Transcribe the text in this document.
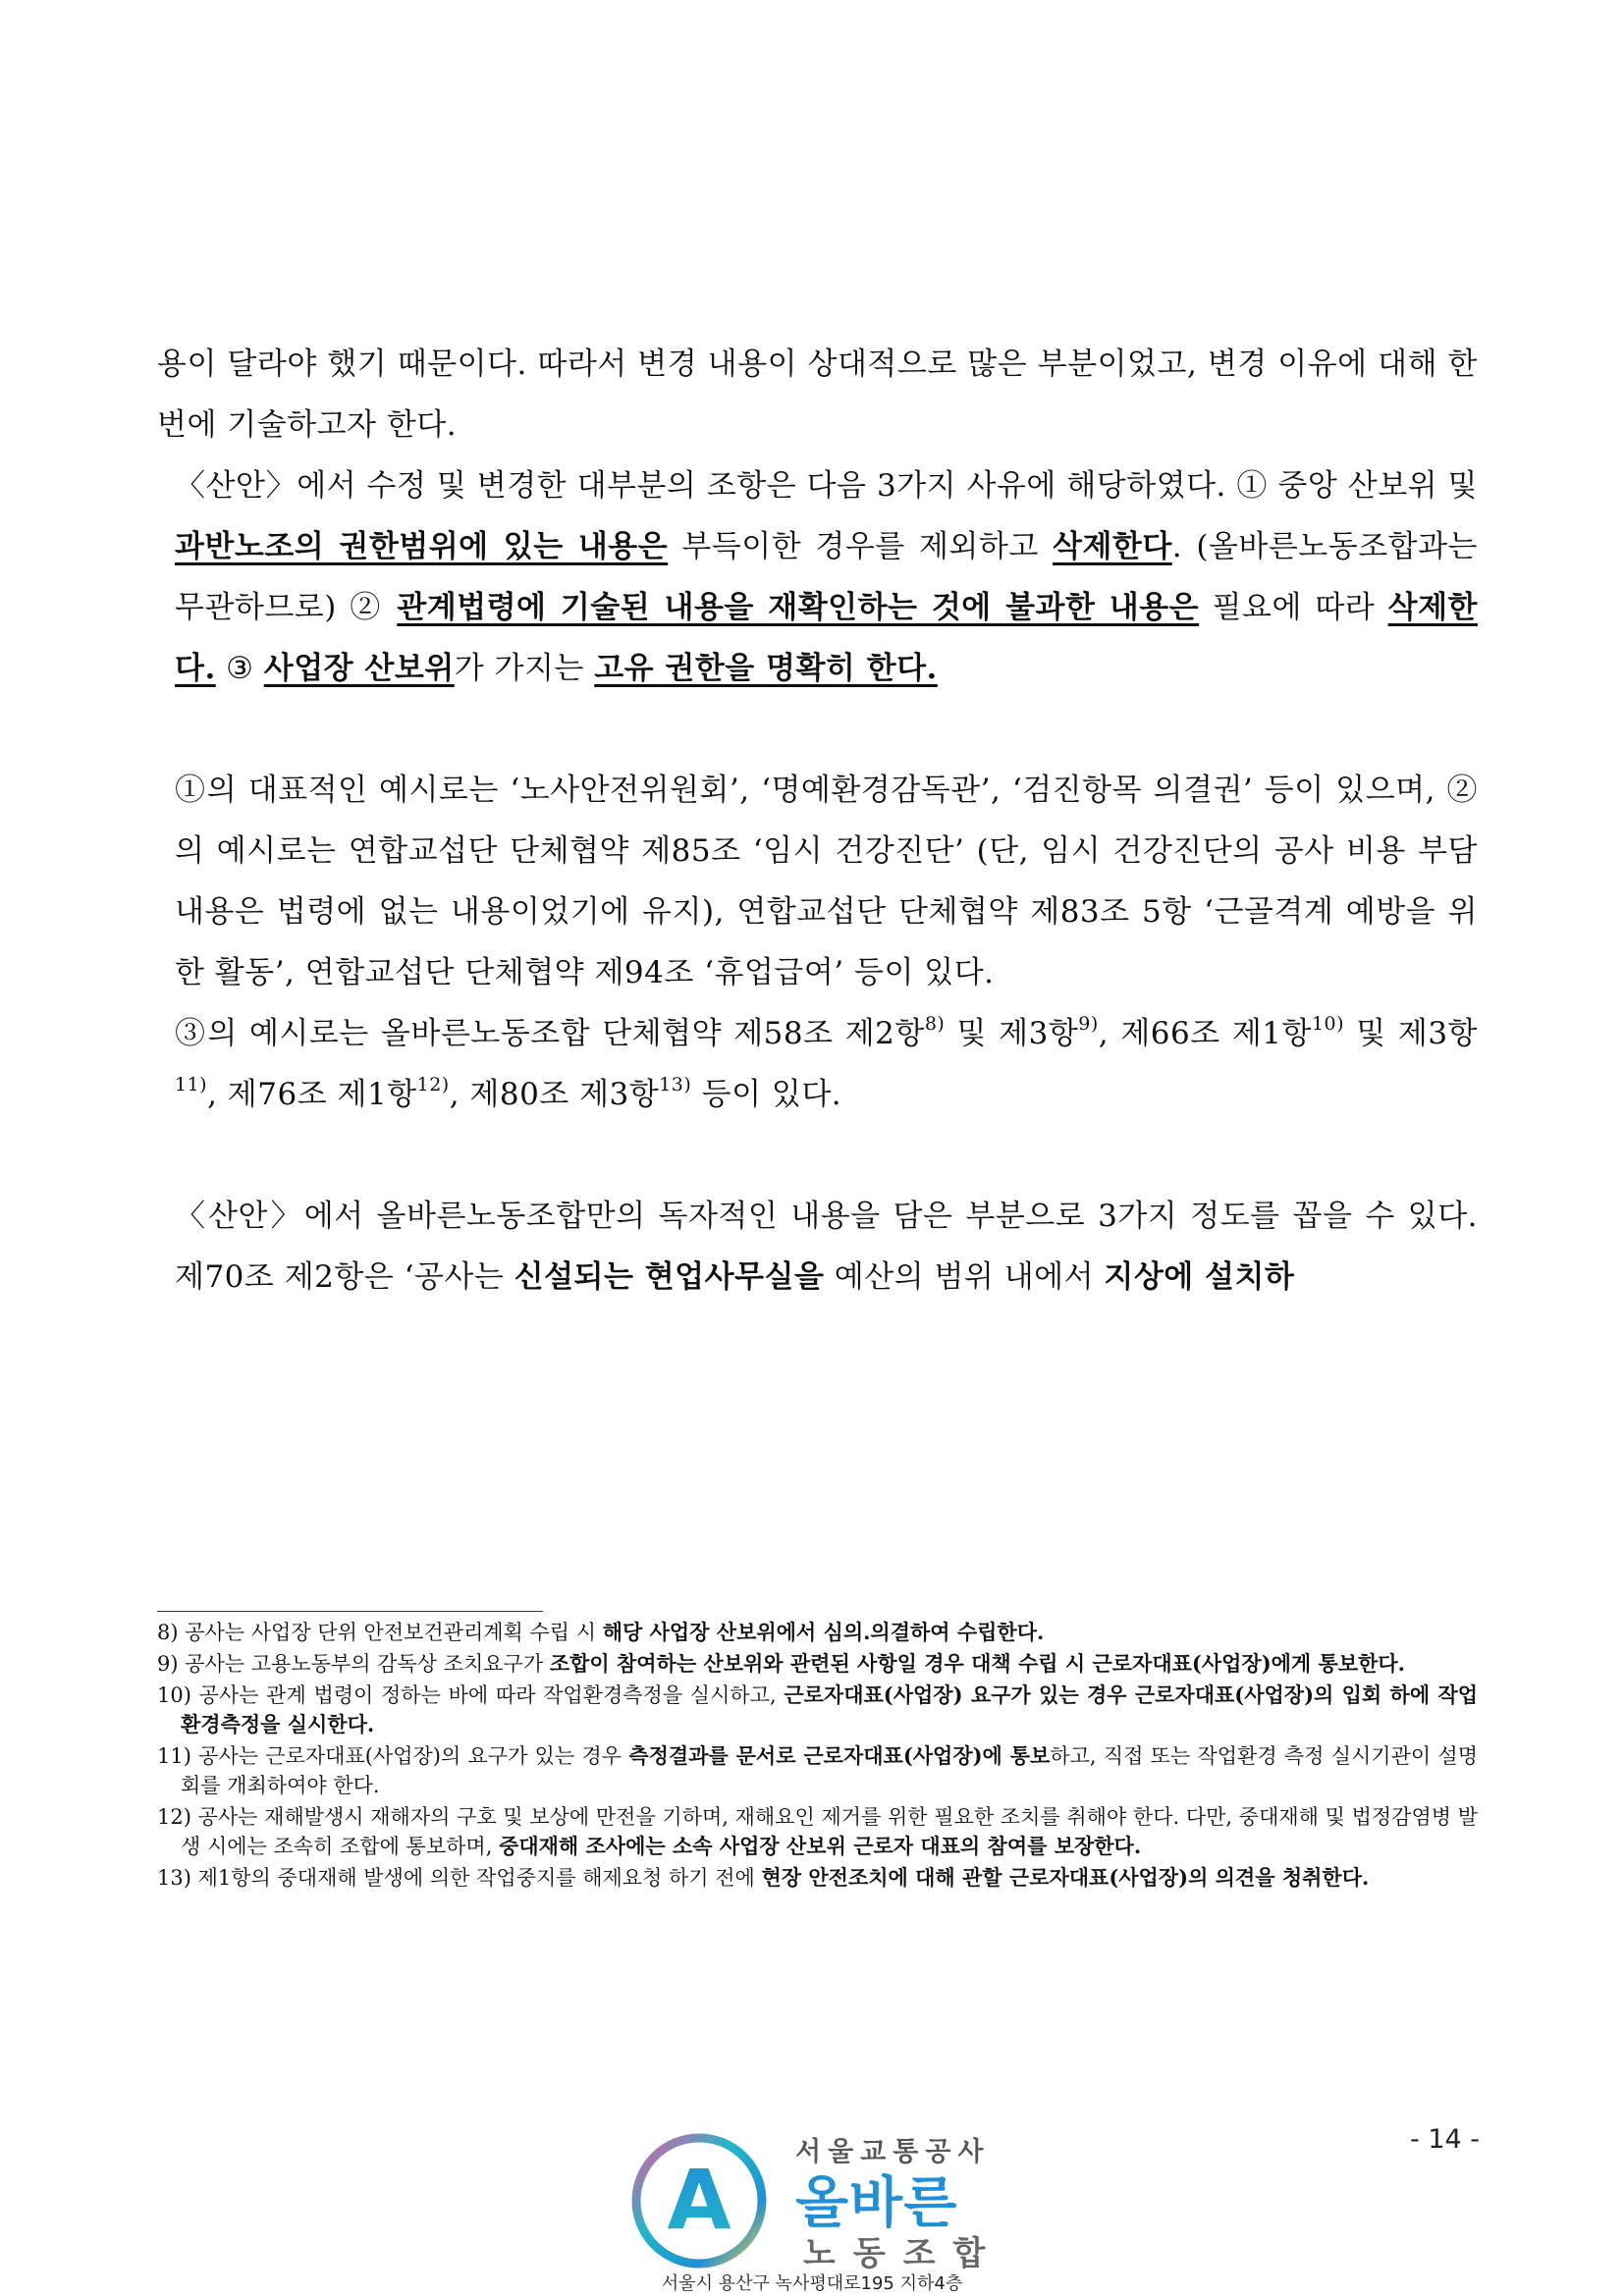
용이 달라야 했기 때문이다. 따라서 변경 내용이 상대적으로 많은 부분이었고, 변경 이유에 대해 한번에 기술하고자 한다.

〈산안〉에서 수정 및 변경한 대부분의 조항은 다음 3가지 사유에 해당하였다. ① 중앙 산보위 및 과반노조의 권한범위에 있는 내용은 부득이한 경우를 제외하고 삭제한다. (올바른노동조합과는 무관하므로) ② 관계법령에 기술된 내용을 재확인하는 것에 불과한 내용은 필요에 따라 삭제한다. ③ 사업장 산보위가 가지는 고유 권한을 명확히 한다.

①의 대표적인 예시로는 ‘노사안전위원회’, ‘명예환경감독관’, ‘검진항목 의결권’ 등이 있으며, ②의 예시로는 연합교섭단 단체협약 제85조 ‘임시 건강진단’ (단, 임시 건강진단의 공사 비용 부담 내용은 법령에 없는 내용이었기에 유지), 연합교섭단 단체협약 제83조 5항 ‘근골격계 예방을 위한 활동’, 연합교섭단 단체협약 제94조 ‘휴업급여’ 등이 있다.

③의 예시로는 올바른노동조합 단체협약 제58조 제2항$^{8)}$ 및 제3항$^{9)}$, 제66조 제1항$^{10)}$ 및 제3항$^{11)}$, 제76조 제1항$^{12)}$, 제80조 제3항$^{13)}$ 등이 있다.

〈산안〉에서 올바른노동조합만의 독자적인 내용을 담은 부분으로 3가지 정도를 꼽을 수 있다. 제70조 제2항은 ‘공사는 신설되는 현업사무실을 예산의 범위 내에서 지상에 설치하

8) 공사는 사업장 단위 안전보건관리계획 수립 시 해당 사업장 산보위에서 심의.의결하여 수립한다.

9) 공사는 고용노동부의 감독상 조치요구가 조합이 참여하는 산보위와 관련된 사항일 경우 대책 수립 시 근로자대표(사업장)에게 통보한다.

10) 공사는 관계 법령이 정하는 바에 따라 작업환경측정을 실시하고, 근로자대표(사업장) 요구가 있는 경우 근로자대표(사업장)의 입회 하에 작업환경측정을 실시한다.

11) 공사는 근로자대표(사업장)의 요구가 있는 경우 측정결과를 문서로 근로자대표(사업장)에 통보하고, 직접 또는 작업환경 측정 실시기관이 설명회를 개최하여야 한다.

12) 공사는 재해발생시 재해자의 구호 및 보상에 만전을 기하며, 재해요인 제거를 위한 필요한 조치를 취해야 한다. 다만, 중대재해 및 법정감염병 발생 시에는 조속히 조합에 통보하며, 중대재해 조사에는 소속 사업장 산보위 근로자 대표의 참여를 보장한다.

13) 제1항의 중대재해 발생에 의한 작업중지를 해제요청 하기 전에 현장 안전조치에 대해 관할 근로자대표(사업장)의 의견을 청취한다.

A 서울교통공사
올바른
노동조합
- 14 -
서울시 용산구 녹사평대로195 지하4층
